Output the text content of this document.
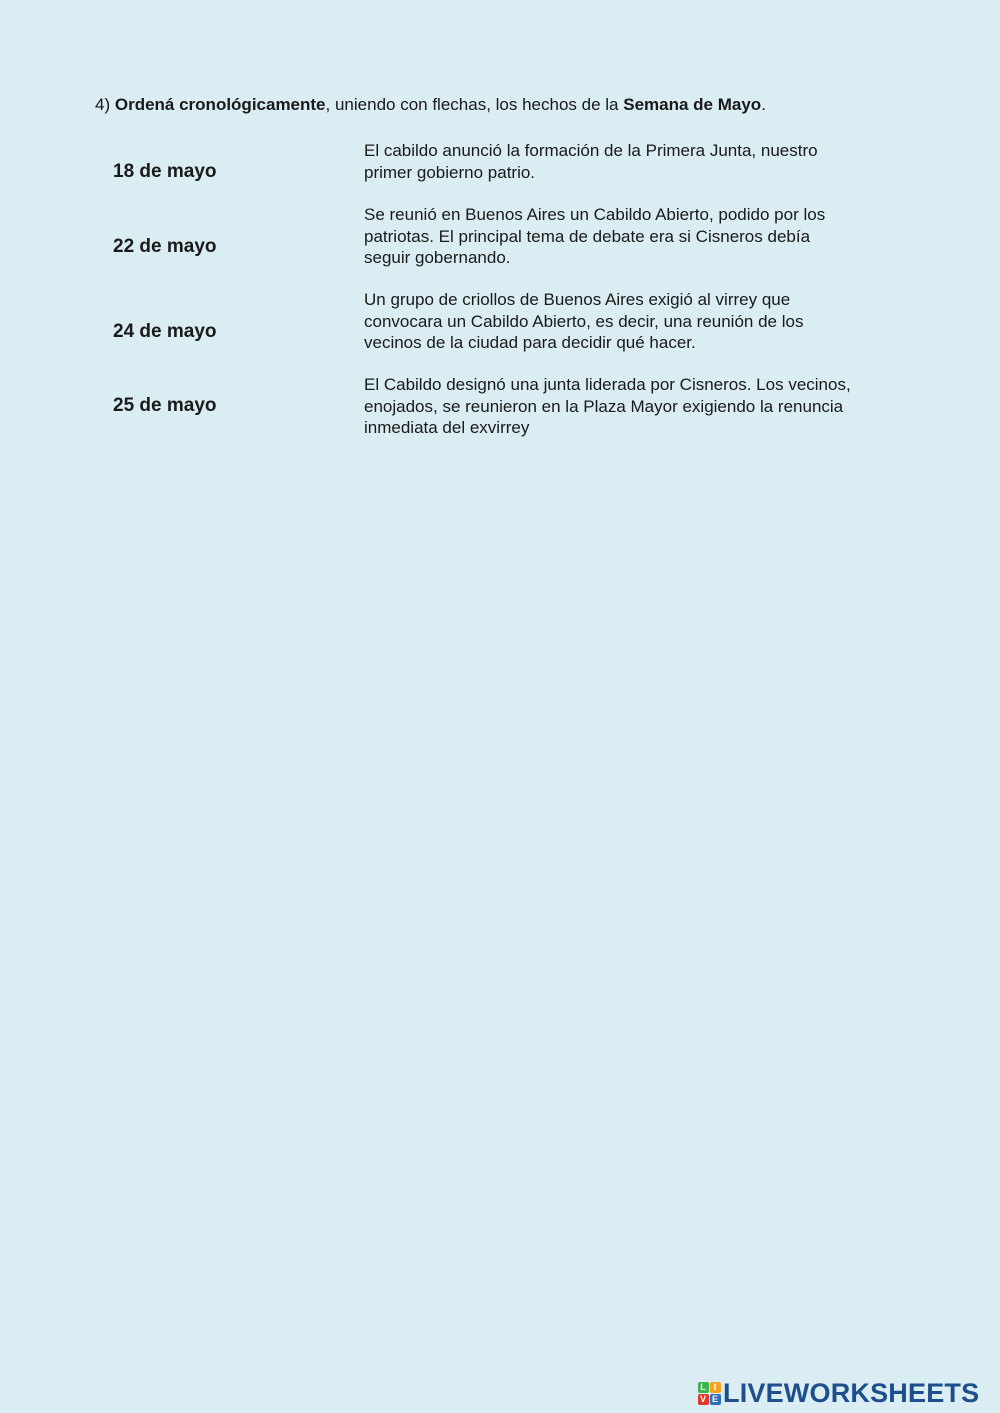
4) Ordená cronológicamente, uniendo con flechas, los hechos de la Semana de Mayo.
18 de mayo
22 de mayo
24 de mayo
25 de mayo
El cabildo anunció la formación de la Primera Junta, nuestro
primer gobierno patrio.
Se reunió en Buenos Aires un Cabildo Abierto, podido por los
patriotas. El principal tema de debate era si Cisneros debía
seguir gobernando.
Un grupo de criollos de Buenos Aires exigió al virrey que
convocara un Cabildo Abierto, es decir, una reunión de los
vecinos de la ciudad para decidir qué hacer.
El Cabildo designó una junta liderada por Cisneros. Los vecinos,
enojados, se reunieron en la Plaza Mayor exigiendo la renuncia
inmediata del exvirrey
L I
V E LIVEWORKSHEETS
